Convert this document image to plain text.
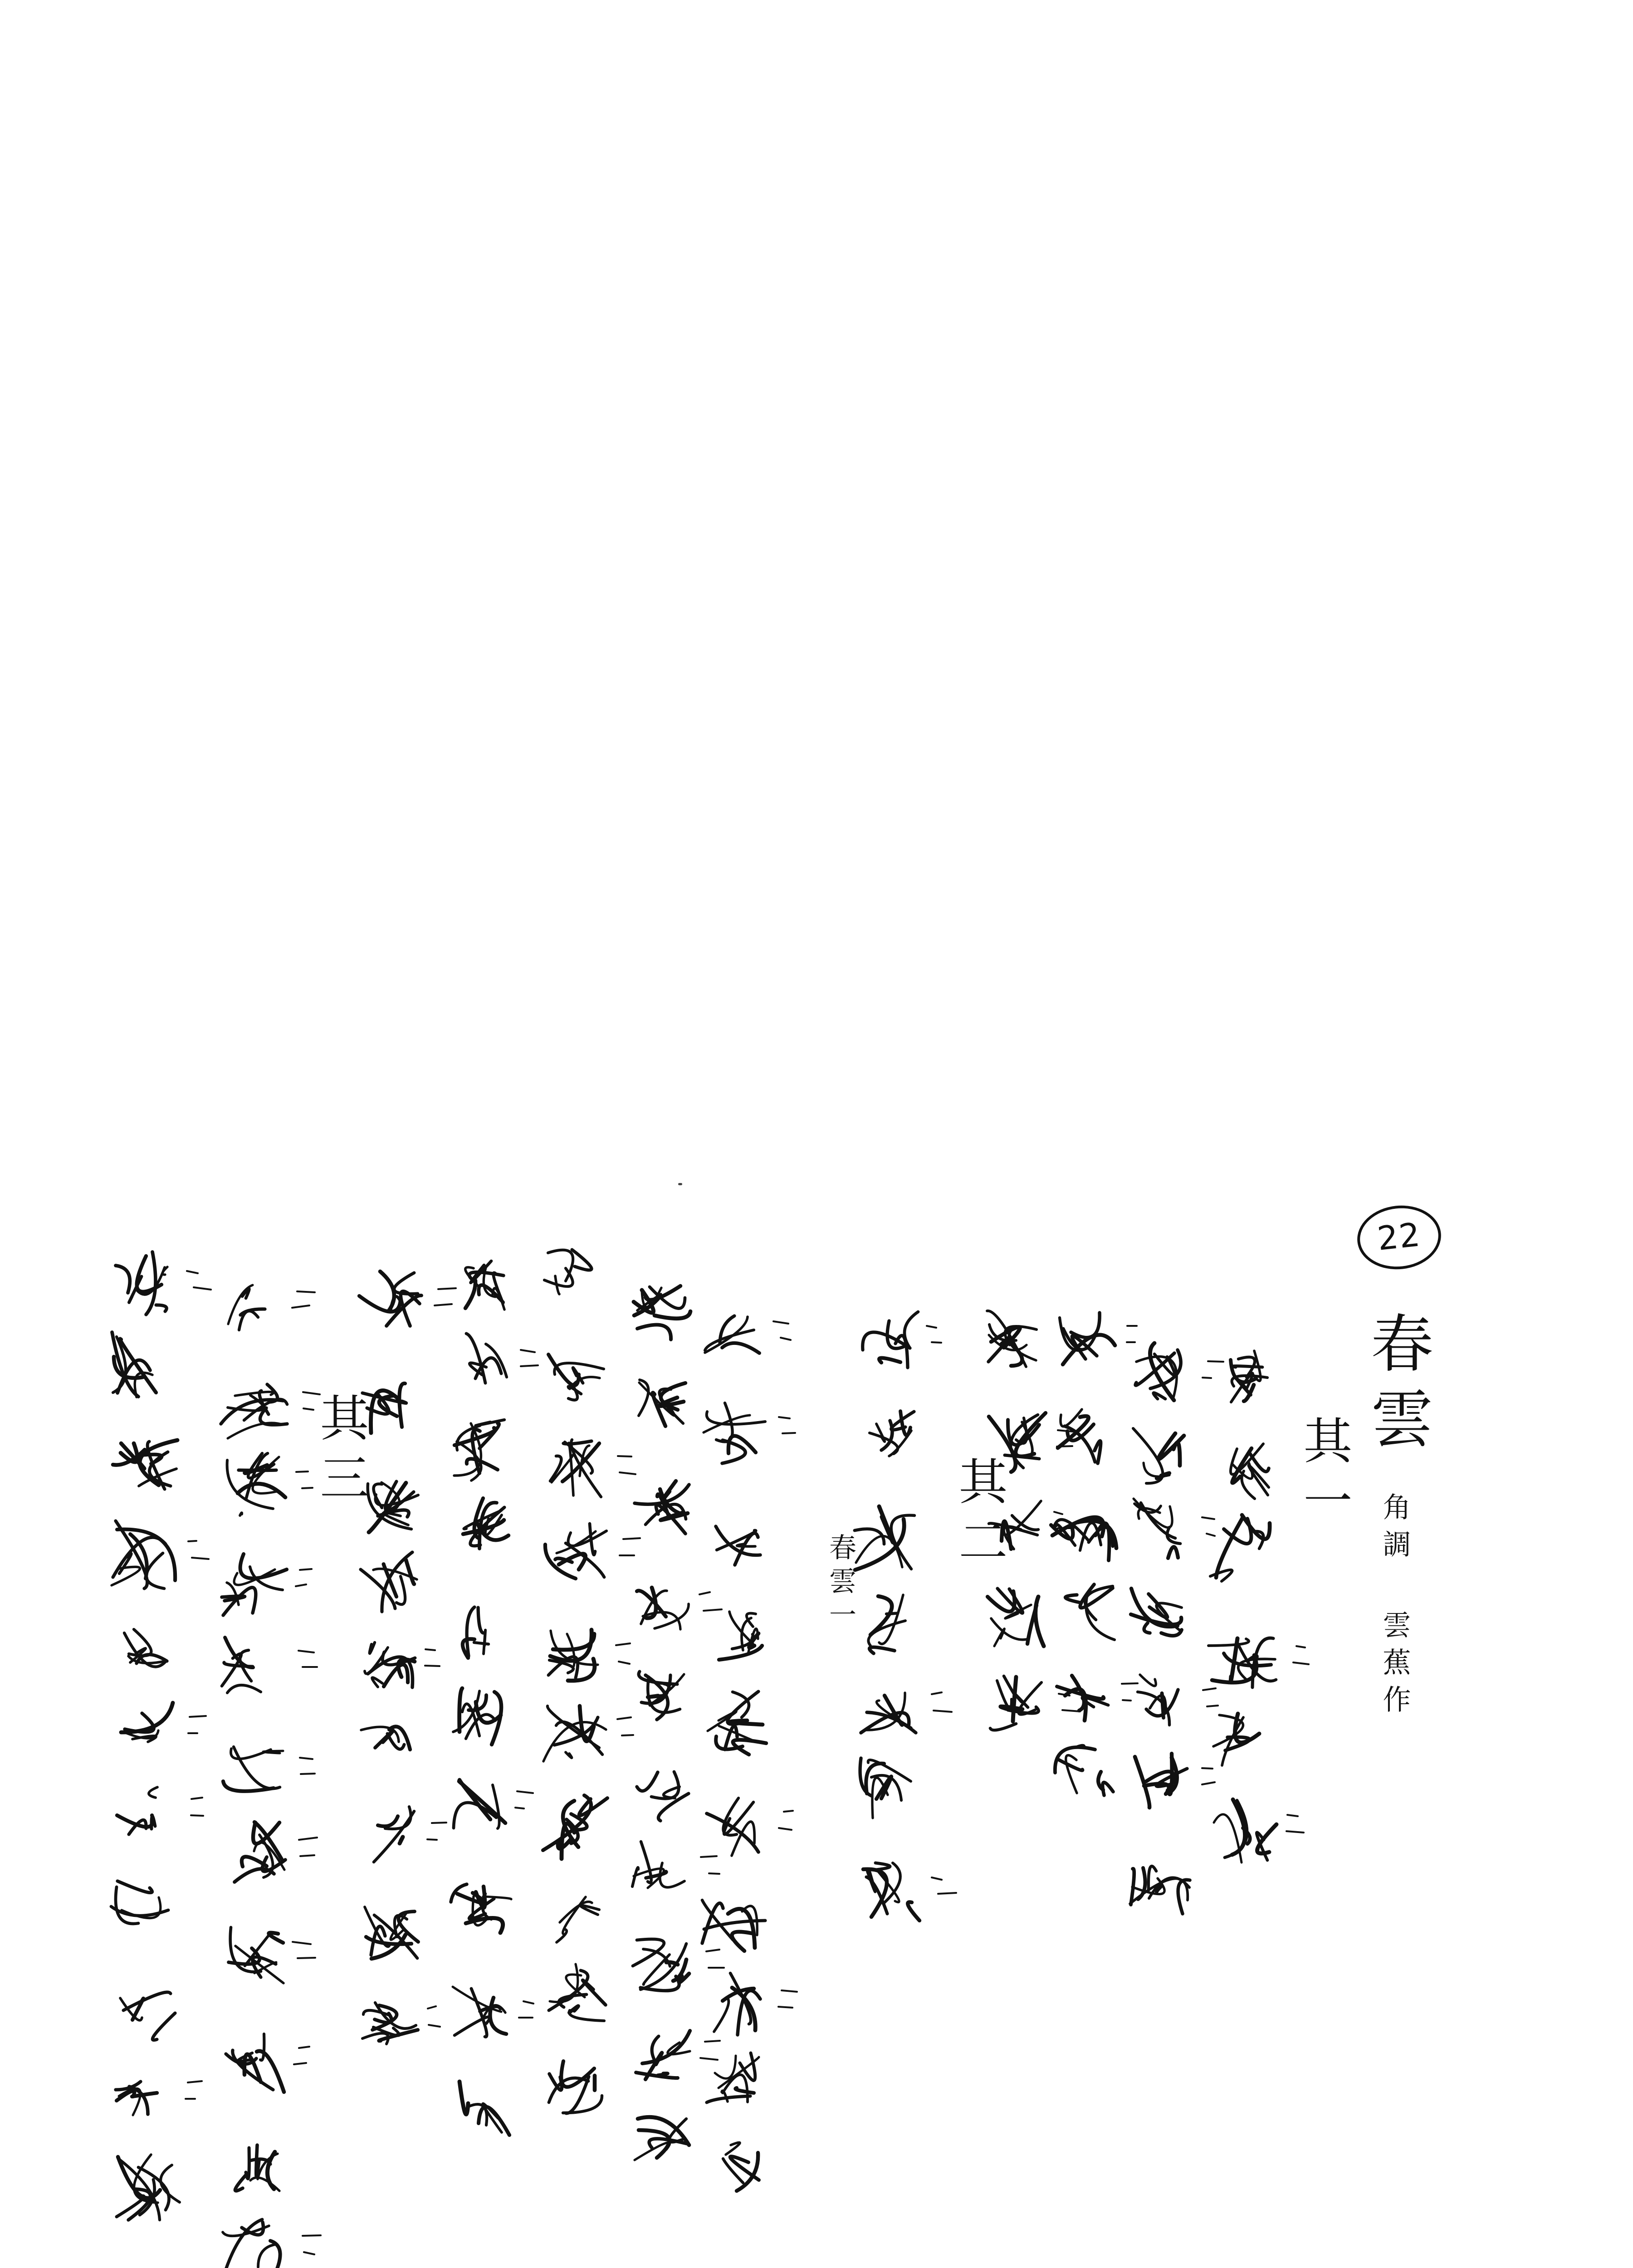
22
春雲
角調
雲蕉作
其一
其二
其三
春雲一
